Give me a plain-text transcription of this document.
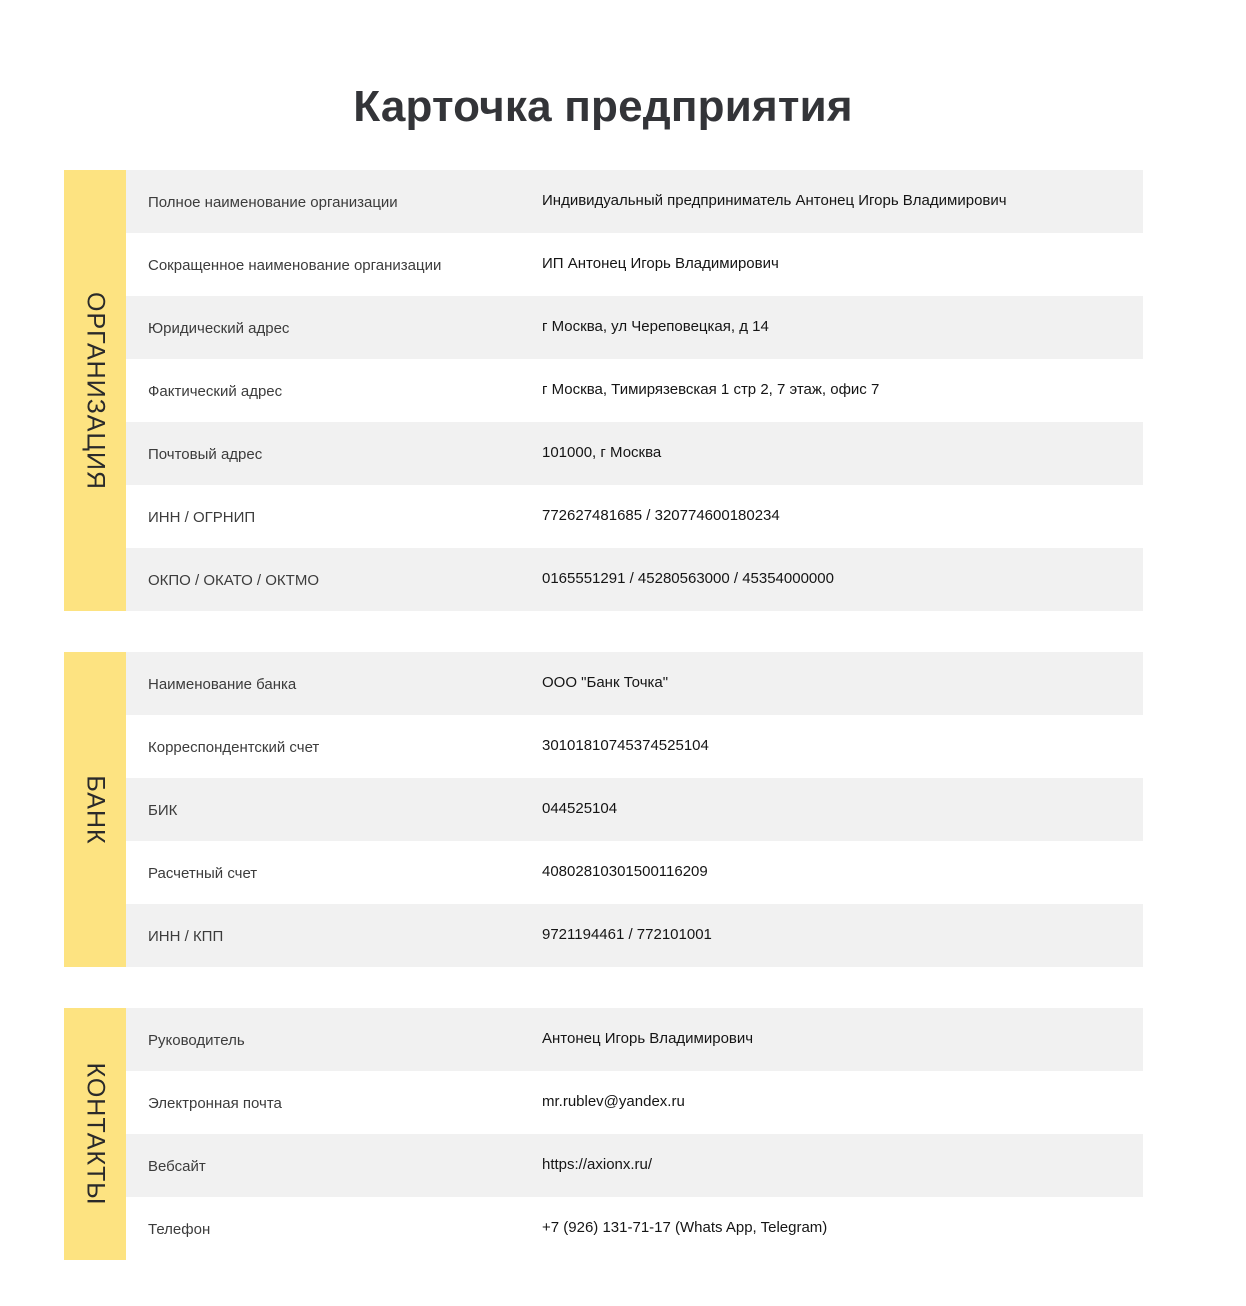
Карточка предприятия
ОРГАНИЗАЦИЯ
Полное наименование организации	Индивидуальный предприниматель Антонец Игорь Владимирович
Сокращенное наименование организации	ИП Антонец Игорь Владимирович
Юридический адрес	г Москва, ул Череповецкая, д 14
Фактический адрес	г Москва, Тимирязевская 1 стр 2, 7 этаж, офис 7
Почтовый адрес	101000, г Москва
ИНН / ОГРНИП	772627481685 / 320774600180234
ОКПО / ОКАТО / ОКТМО	0165551291 / 45280563000 / 45354000000
БАНК
Наименование банка	ООО "Банк Точка"
Корреспондентский счет	30101810745374525104
БИК	044525104
Расчетный счет	40802810301500116209
ИНН / КПП	9721194461 / 772101001
КОНТАКТЫ
Руководитель	Антонец Игорь Владимирович
Электронная почта	mr.rublev@yandex.ru
Вебсайт	https://axionx.ru/
Телефон	+7 (926) 131-71-17 (Whats App, Telegram)
